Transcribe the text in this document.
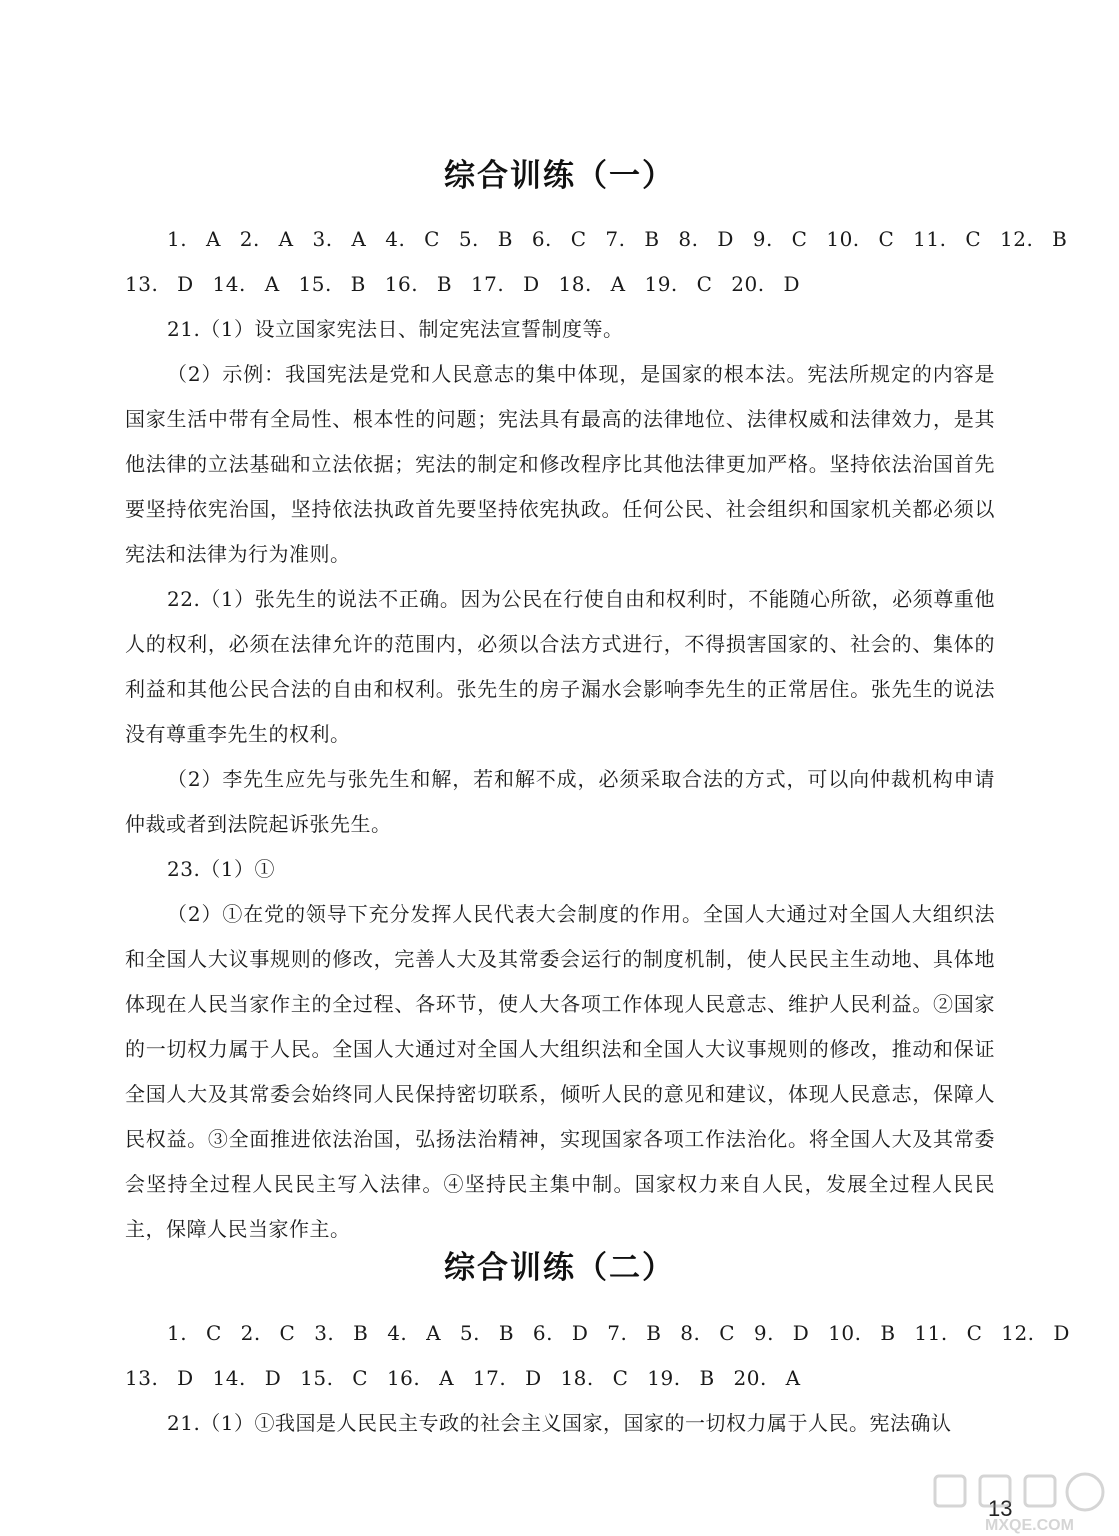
综合训练（一）

1. A 2. A 3. A 4. C 5. B 6. C 7. B 8. D 9. C 10. C 11. C 12. B

13. D 14. A 15. B 16. B 17. D 18. A 19. C 20. D

21.（1）设立国家宪法日、制定宪法宣誓制度等。

（2）示例：我国宪法是党和人民意志的集中体现，是国家的根本法。宪法所规定的内容是国家生活中带有全局性、根本性的问题；宪法具有最高的法律地位、法律权威和法律效力，是其他法律的立法基础和立法依据；宪法的制定和修改程序比其他法律更加严格。坚持依法治国首先要坚持依宪治国，坚持依法执政首先要坚持依宪执政。任何公民、社会组织和国家机关都必须以宪法和法律为行为准则。

22.（1）张先生的说法不正确。因为公民在行使自由和权利时，不能随心所欲，必须尊重他人的权利，必须在法律允许的范围内，必须以合法方式进行，不得损害国家的、社会的、集体的利益和其他公民合法的自由和权利。张先生的房子漏水会影响李先生的正常居住。张先生的说法没有尊重李先生的权利。

（2）李先生应先与张先生和解，若和解不成，必须采取合法的方式，可以向仲裁机构申请仲裁或者到法院起诉张先生。

23.（1）①

（2）①在党的领导下充分发挥人民代表大会制度的作用。全国人大通过对全国人大组织法和全国人大议事规则的修改，完善人大及其常委会运行的制度机制，使人民民主生动地、具体地体现在人民当家作主的全过程、各环节，使人大各项工作体现人民意志、维护人民利益。②国家的一切权力属于人民。全国人大通过对全国人大组织法和全国人大议事规则的修改，推动和保证全国人大及其常委会始终同人民保持密切联系，倾听人民的意见和建议，体现人民意志，保障人民权益。③全面推进依法治国，弘扬法治精神，实现国家各项工作法治化。将全国人大及其常委会坚持全过程人民民主写入法律。④坚持民主集中制。国家权力来自人民，发展全过程人民民主，保障人民当家作主。

综合训练（二）

1. C 2. C 3. B 4. A 5. B 6. D 7. B 8. C 9. D 10. B 11. C 12. D

13. D 14. D 15. C 16. A 17. D 18. C 19. B 20. A

21.（1）①我国是人民民主专政的社会主义国家，国家的一切权力属于人民。宪法确认

13
MXQE.COM
